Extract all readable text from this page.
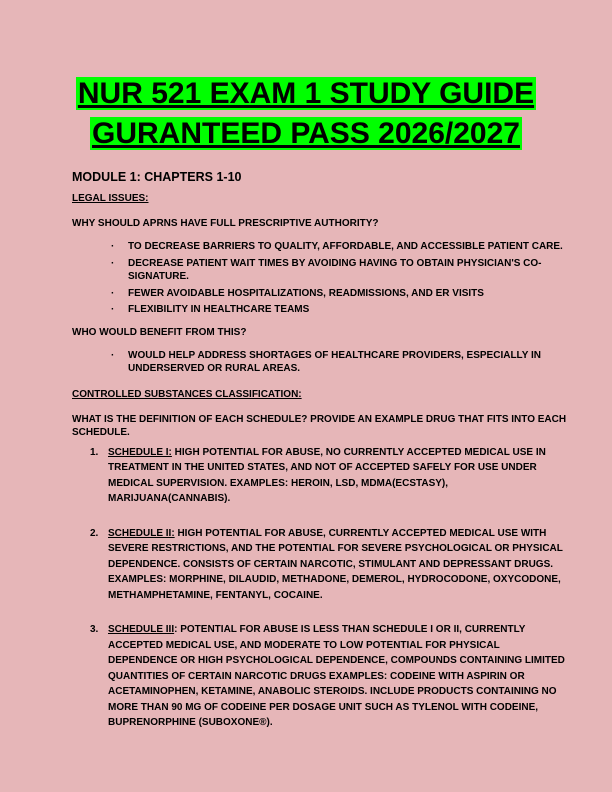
NUR 521 EXAM 1 STUDY GUIDE
GURANTEED PASS 2026/2027

MODULE 1: CHAPTERS 1-10

LEGAL ISSUES:

WHY SHOULD APRNS HAVE FULL PRESCRIPTIVE AUTHORITY?

· TO DECREASE BARRIERS TO QUALITY, AFFORDABLE, AND ACCESSIBLE PATIENT CARE.
· DECREASE PATIENT WAIT TIMES BY AVOIDING HAVING TO OBTAIN PHYSICIAN'S CO-SIGNATURE.
· FEWER AVOIDABLE HOSPITALIZATIONS, READMISSIONS, AND ER VISITS
· FLEXIBILITY IN HEALTHCARE TEAMS

WHO WOULD BENEFIT FROM THIS?

· WOULD HELP ADDRESS SHORTAGES OF HEALTHCARE PROVIDERS, ESPECIALLY IN UNDERSERVED OR RURAL AREAS.

CONTROLLED SUBSTANCES CLASSIFICATION:

WHAT IS THE DEFINITION OF EACH SCHEDULE? PROVIDE AN EXAMPLE DRUG THAT FITS INTO EACH SCHEDULE.

1. SCHEDULE I: HIGH POTENTIAL FOR ABUSE, NO CURRENTLY ACCEPTED MEDICAL USE IN TREATMENT IN THE UNITED STATES, AND NOT OF ACCEPTED SAFELY FOR USE UNDER MEDICAL SUPERVISION. EXAMPLES: HEROIN, LSD, MDMA(ECSTASY), MARIJUANA(CANNABIS).
2. SCHEDULE II: HIGH POTENTIAL FOR ABUSE, CURRENTLY ACCEPTED MEDICAL USE WITH SEVERE RESTRICTIONS, AND THE POTENTIAL FOR SEVERE PSYCHOLOGICAL OR PHYSICAL DEPENDENCE. CONSISTS OF CERTAIN NARCOTIC, STIMULANT AND DEPRESSANT DRUGS.
EXAMPLES: MORPHINE, DILAUDID, METHADONE, DEMEROL, HYDROCODONE, OXYCODONE, METHAMPHETAMINE, FENTANYL, COCAINE.
3. SCHEDULE III: POTENTIAL FOR ABUSE IS LESS THAN SCHEDULE I OR II, CURRENTLY ACCEPTED MEDICAL USE, AND MODERATE TO LOW POTENTIAL FOR PHYSICAL DEPENDENCE OR HIGH PSYCHOLOGICAL DEPENDENCE, COMPOUNDS CONTAINING LIMITED QUANTITIES OF CERTAIN NARCOTIC DRUGS EXAMPLES: CODEINE WITH ASPIRIN OR ACETAMINOPHEN, KETAMINE, ANABOLIC STEROIDS. INCLUDE PRODUCTS CONTAINING NO MORE THAN 90 MG OF CODEINE PER DOSAGE UNIT SUCH AS TYLENOL WITH CODEINE, BUPRENORPHINE (SUBOXONE®).
